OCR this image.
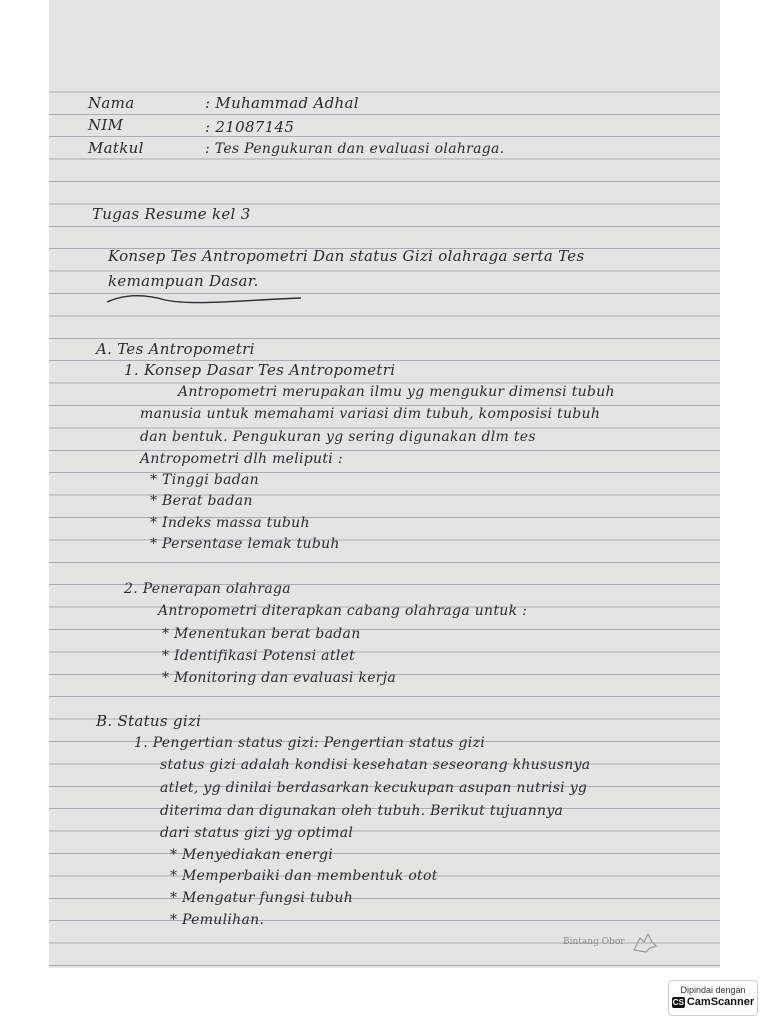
Nama	: Muhammad Adhal
NIM	: 21087145
Matkul	: Tes Pengukuran dan evaluasi olahraga.
Tugas Resume kel 3
Konsep Tes Antropometri Dan status Gizi olahraga serta Tes
kemampuan Dasar.
A. Tes Antropometri
1. Konsep Dasar Tes Antropometri
Antropometri merupakan ilmu yg mengukur dimensi tubuh
manusia untuk memahami variasi dim tubuh, komposisi tubuh
dan bentuk. Pengukuran yg sering digunakan dlm tes
Antropometri dlh meliputi :
* Tinggi badan
* Berat badan
* Indeks massa tubuh
* Persentase lemak tubuh
2. Penerapan olahraga
Antropometri diterapkan cabang olahraga untuk :
* Menentukan berat badan
* Identifikasi Potensi atlet
* Monitoring dan evaluasi kerja
B. Status gizi
1. Pengertian status gizi: Pengertian status gizi
status gizi adalah kondisi kesehatan seseorang khususnya
atlet, yg dinilai berdasarkan kecukupan asupan nutrisi yg
diterima dan digunakan oleh tubuh. Berikut tujuannya
dari status gizi yg optimal
* Menyediakan energi
* Memperbaiki dan membentuk otot
* Mengatur fungsi tubuh
* Pemulihan.
Bintang Obor
Dipindai dengan
CS CamScanner
